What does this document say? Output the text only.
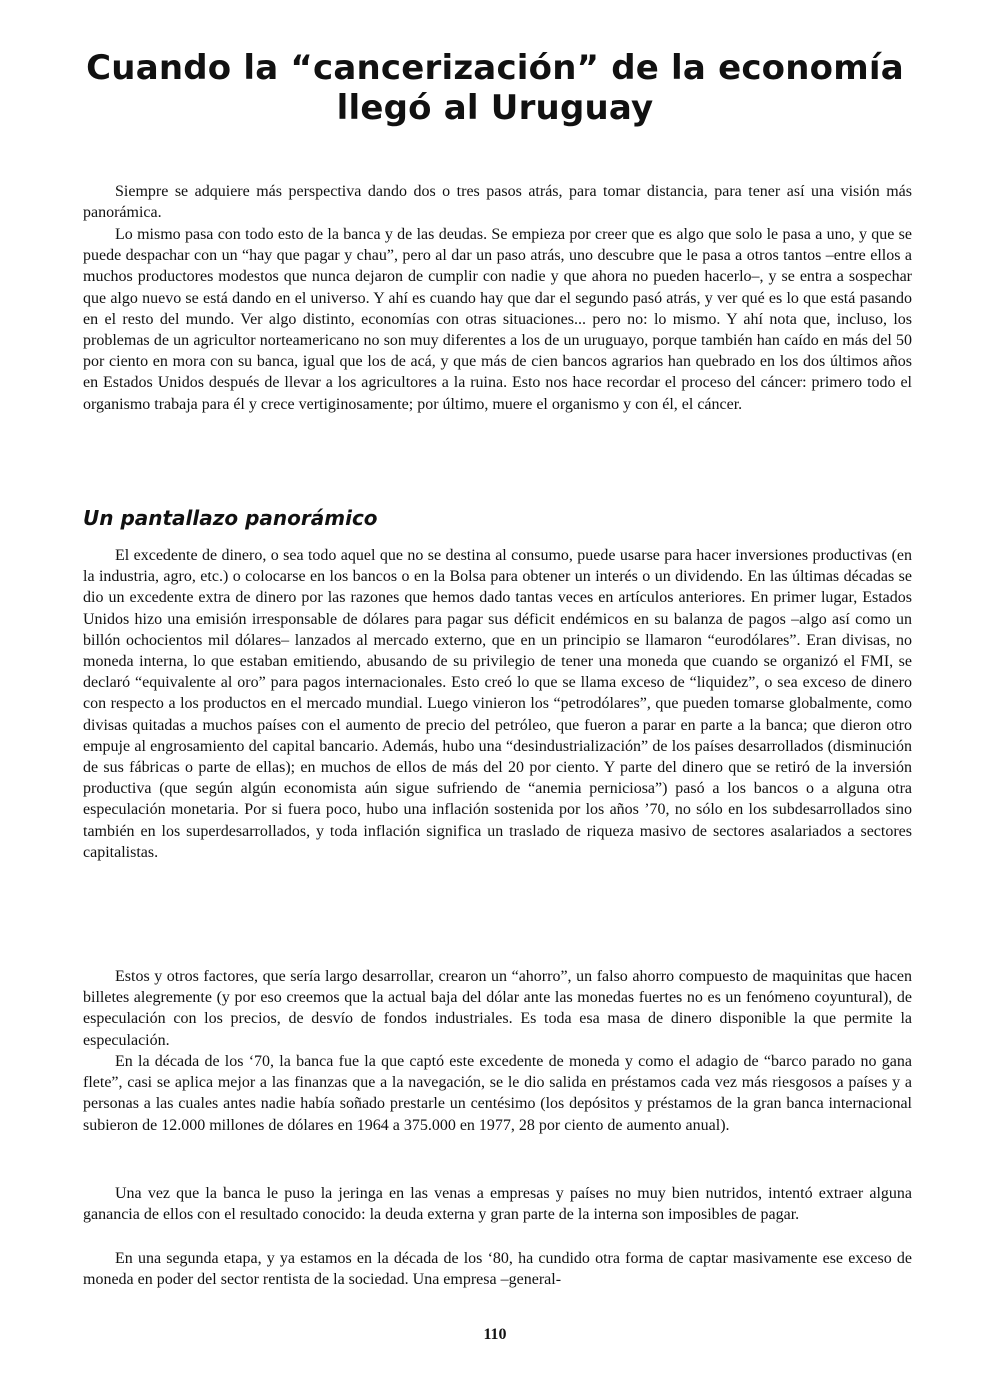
Cuando la “cancerización” de la economía
llegó al Uruguay

Siempre se adquiere más perspectiva dando dos o tres pasos atrás, para tomar distancia, para tener así una visión más panorámica.

Lo mismo pasa con todo esto de la banca y de las deudas. Se empieza por creer que es algo que solo le pasa a uno, y que se puede despachar con un “hay que pagar y chau”, pero al dar un paso atrás, uno descubre que le pasa a otros tantos –entre ellos a muchos productores modestos que nunca dejaron de cumplir con nadie y que ahora no pueden hacerlo–, y se entra a sospechar que algo nuevo se está dando en el universo. Y ahí es cuando hay que dar el segundo pasó atrás, y ver qué es lo que está pasando en el resto del mundo. Ver algo distinto, economías con otras situaciones... pero no: lo mismo. Y ahí nota que, incluso, los problemas de un agricultor norteamericano no son muy diferentes a los de un uruguayo, porque también han caído en más del 50 por ciento en mora con su banca, igual que los de acá, y que más de cien bancos agrarios han quebrado en los dos últimos años en Estados Unidos después de llevar a los agricultores a la ruina. Esto nos hace recordar el proceso del cáncer: primero todo el organismo trabaja para él y crece vertiginosamente; por último, muere el organismo y con él, el cáncer.

Un pantallazo panorámico

El excedente de dinero, o sea todo aquel que no se destina al consumo, puede usarse para hacer inversiones productivas (en la industria, agro, etc.) o colocarse en los bancos o en la Bolsa para obtener un interés o un dividendo. En las últimas décadas se dio un excedente extra de dinero por las razones que hemos dado tantas veces en artículos anteriores. En primer lugar, Estados Unidos hizo una emisión irresponsable de dólares para pagar sus déficit endémicos en su balanza de pagos –algo así como un billón ochocientos mil dólares– lanzados al mercado externo, que en un principio se llamaron “eurodólares”. Eran divisas, no moneda interna, lo que estaban emitiendo, abusando de su privilegio de tener una moneda que cuando se organizó el FMI, se declaró “equivalente al oro” para pagos internacionales. Esto creó lo que se llama exceso de “liquidez”, o sea exceso de dinero con respecto a los productos en el mercado mundial. Luego vinieron los “petrodólares”, que pueden tomarse globalmente, como divisas quitadas a muchos países con el aumento de precio del petróleo, que fueron a parar en parte a la banca; que dieron otro empuje al engrosamiento del capital bancario. Además, hubo una “desindustrialización” de los países desarrollados (disminución de sus fábricas o parte de ellas); en muchos de ellos de más del 20 por ciento. Y parte del dinero que se retiró de la inversión productiva (que según algún economista aún sigue sufriendo de “anemia perniciosa”) pasó a los bancos o a alguna otra especulación monetaria. Por si fuera poco, hubo una inflación sostenida por los años ’70, no sólo en los subdesarrollados sino también en los superdesarrollados, y toda inflación significa un traslado de riqueza masivo de sectores asalariados a sectores capitalistas.

Estos y otros factores, que sería largo desarrollar, crearon un “ahorro”, un falso ahorro compuesto de maquinitas que hacen billetes alegremente (y por eso creemos que la actual baja del dólar ante las monedas fuertes no es un fenómeno coyuntural), de especulación con los precios, de desvío de fondos industriales. Es toda esa masa de dinero disponible la que permite la especulación.

En la década de los ‘70, la banca fue la que captó este excedente de moneda y como el adagio de “barco parado no gana flete”, casi se aplica mejor a las finanzas que a la navegación, se le dio salida en préstamos cada vez más riesgosos a países y a personas a las cuales antes nadie había soñado prestarle un centésimo (los depósitos y préstamos de la gran banca internacional subieron de 12.000 millones de dólares en 1964 a 375.000 en 1977, 28 por ciento de aumento anual).

Una vez que la banca le puso la jeringa en las venas a empresas y países no muy bien nutridos, intentó extraer alguna ganancia de ellos con el resultado conocido: la deuda externa y gran parte de la interna son imposibles de pagar.

En una segunda etapa, y ya estamos en la década de los ‘80, ha cundido otra forma de captar masivamente ese exceso de moneda en poder del sector rentista de la sociedad. Una empresa –general-

110
